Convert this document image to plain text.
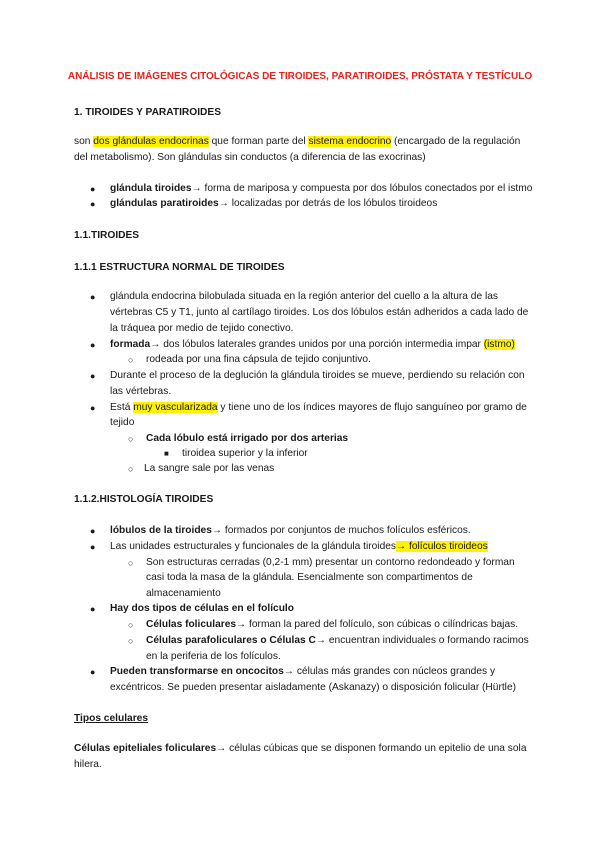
ANÁLISIS DE IMÁGENES CITOLÓGICAS DE TIROIDES, PARATIROIDES, PRÓSTATA Y TESTÍCULO
1. TIROIDES Y PARATIROIDES
son dos glándulas endocrinas que forman parte del sistema endocrino (encargado de la regulación
del metabolismo). Son glándulas sin conductos (a diferencia de las exocrinas)
● glándula tiroides→ forma de mariposa y compuesta por dos lóbulos conectados por el istmo
● glándulas paratiroides→ localizadas por detrás de los lóbulos tiroideos
1.1.TIROIDES
1.1.1 ESTRUCTURA NORMAL DE TIROIDES
● glándula endocrina bilobulada situada en la región anterior del cuello a la altura de las
vértebras C5 y T1, junto al cartílago tiroides. Los dos lóbulos están adheridos a cada lado de
la tráquea por medio de tejido conectivo.
● formada→ dos lóbulos laterales grandes unidos por una porción intermedia impar (istmo)
○ rodeada por una fina cápsula de tejido conjuntivo.
● Durante el proceso de la deglución la glándula tiroides se mueve, perdiendo su relación con
las vértebras.
● Está muy vascularizada y tiene uno de los índices mayores de flujo sanguíneo por gramo de
tejido
○ Cada lóbulo está irrigado por dos arterias
■ tiroidea superior y la inferior
○ La sangre sale por las venas
1.1.2.HISTOLOGÍA TIROIDES
● lóbulos de la tiroides→ formados por conjuntos de muchos folículos esféricos.
● Las unidades estructurales y funcionales de la glándula tiroides→ folículos tiroideos
○ Son estructuras cerradas (0,2-1 mm) presentar un contorno redondeado y forman
casi toda la masa de la glándula. Esencialmente son compartimentos de
almacenamiento
● Hay dos tipos de células en el folículo
○ Células foliculares→ forman la pared del folículo, son cúbicas o cilíndricas bajas.
○ Células parafoliculares o Células C→ encuentran individuales o formando racimos
en la periferia de los folículos.
● Pueden transformarse en oncocitos→ células más grandes con núcleos grandes y
excéntricos. Se pueden presentar aisladamente (Askanazy) o disposición folicular (Hürtle)
Tipos celulares
Células epiteliales foliculares→ células cúbicas que se disponen formando un epitelio de una sola
hilera.
